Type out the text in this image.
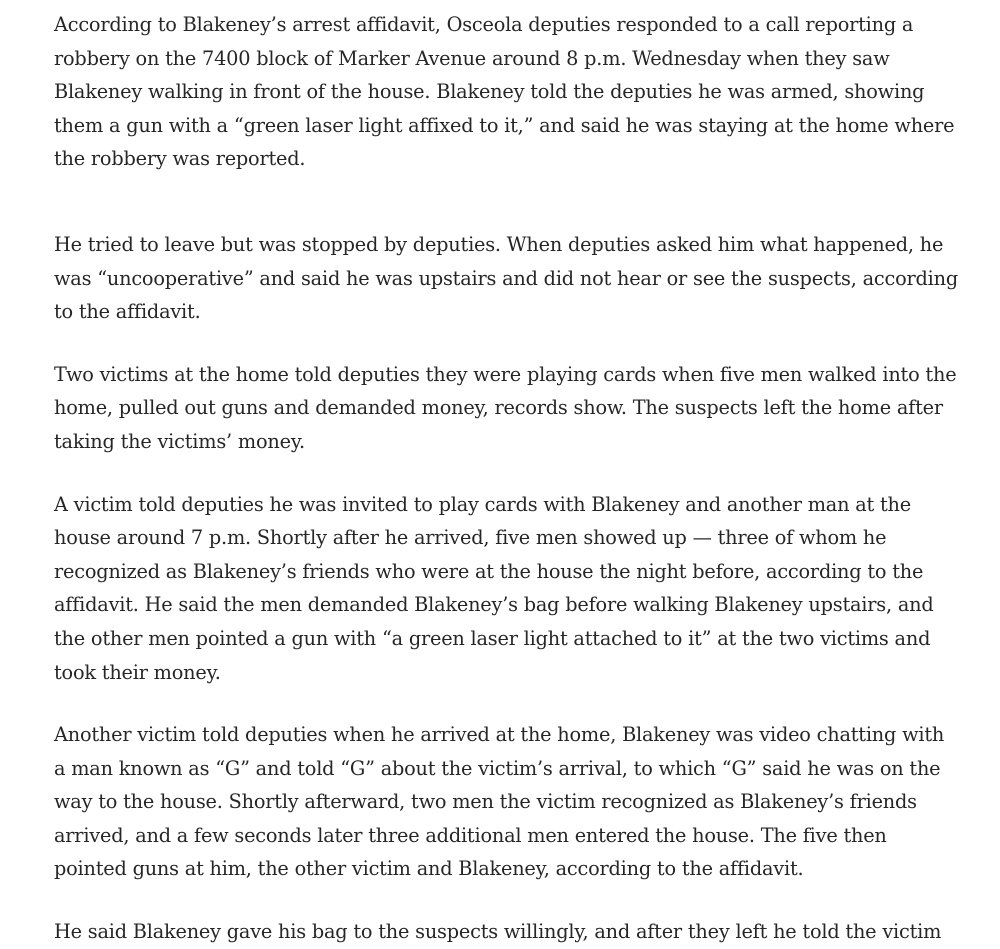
According to Blakeney’s arrest affidavit, Osceola deputies responded to a call reporting a
robbery on the 7400 block of Marker Avenue around 8 p.m. Wednesday when they saw
Blakeney walking in front of the house. Blakeney told the deputies he was armed, showing
them a gun with a “green laser light affixed to it,” and said he was staying at the home where
the robbery was reported.

He tried to leave but was stopped by deputies. When deputies asked him what happened, he
was “uncooperative” and said he was upstairs and did not hear or see the suspects, according
to the affidavit.

Two victims at the home told deputies they were playing cards when five men walked into the
home, pulled out guns and demanded money, records show. The suspects left the home after
taking the victims’ money.

A victim told deputies he was invited to play cards with Blakeney and another man at the
house around 7 p.m. Shortly after he arrived, five men showed up — three of whom he
recognized as Blakeney’s friends who were at the house the night before, according to the
affidavit. He said the men demanded Blakeney’s bag before walking Blakeney upstairs, and
the other men pointed a gun with “a green laser light attached to it” at the two victims and
took their money.

Another victim told deputies when he arrived at the home, Blakeney was video chatting with
a man known as “G” and told “G” about the victim’s arrival, to which “G” said he was on the
way to the house. Shortly afterward, two men the victim recognized as Blakeney’s friends
arrived, and a few seconds later three additional men entered the house. The five then
pointed guns at him, the other victim and Blakeney, according to the affidavit.

He said Blakeney gave his bag to the suspects willingly, and after they left he told the victim
